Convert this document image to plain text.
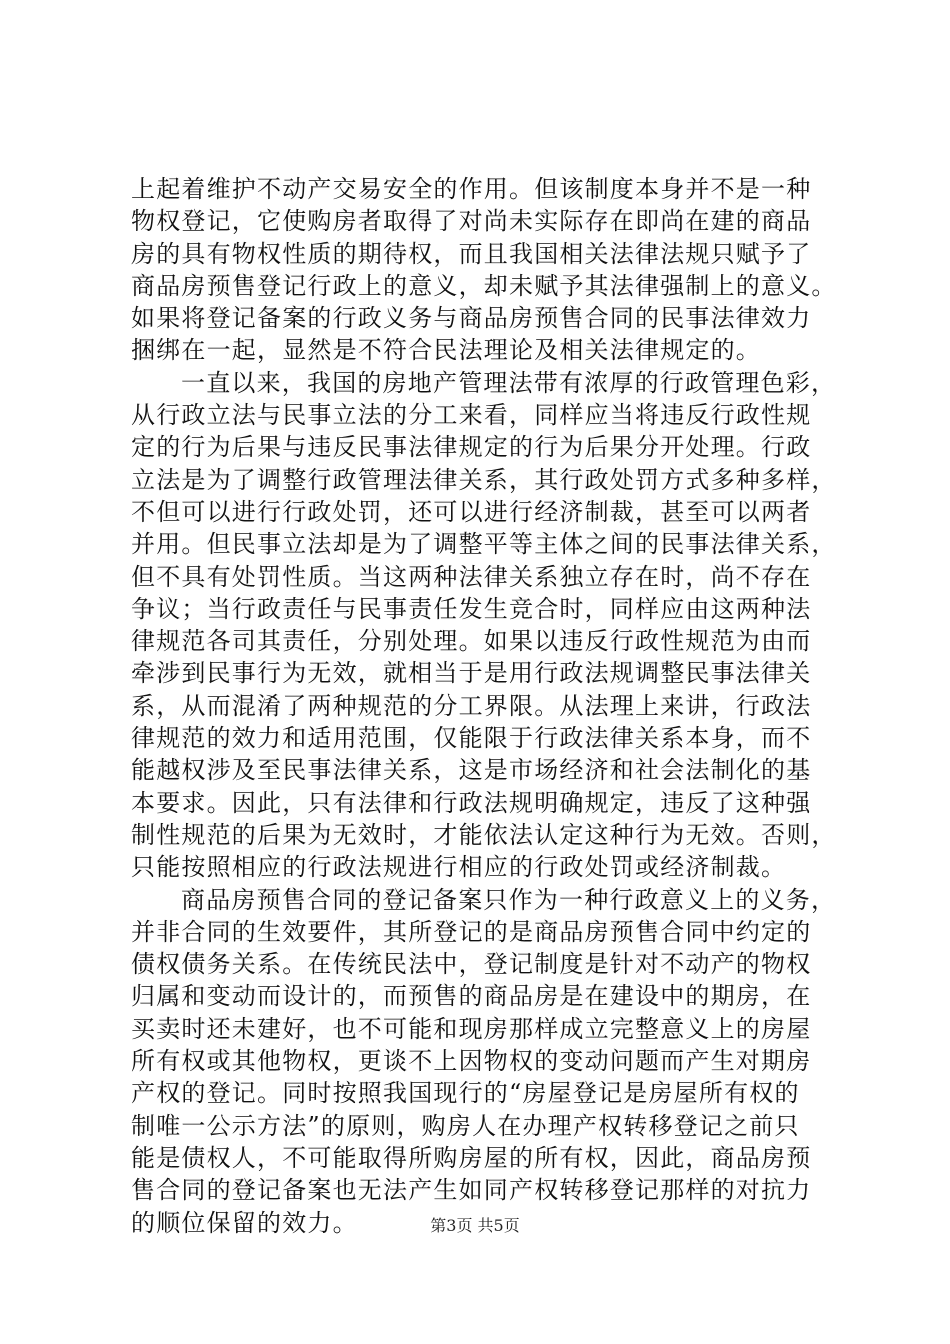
上起着维护不动产交易安全的作用。但该制度本身并不是一种
物权登记，它使购房者取得了对尚未实际存在即尚在建的商品
房的具有物权性质的期待权，而且我国相关法律法规只赋予了
商品房预售登记行政上的意义，却未赋予其法律强制上的意义。
如果将登记备案的行政义务与商品房预售合同的民事法律效力
捆绑在一起，显然是不符合民法理论及相关法律规定的。
一直以来，我国的房地产管理法带有浓厚的行政管理色彩，
从行政立法与民事立法的分工来看，同样应当将违反行政性规
定的行为后果与违反民事法律规定的行为后果分开处理。行政
立法是为了调整行政管理法律关系，其行政处罚方式多种多样，
不但可以进行行政处罚，还可以进行经济制裁，甚至可以两者
并用。但民事立法却是为了调整平等主体之间的民事法律关系，
但不具有处罚性质。当这两种法律关系独立存在时，尚不存在
争议；当行政责任与民事责任发生竞合时，同样应由这两种法
律规范各司其责任，分别处理。如果以违反行政性规范为由而
牵涉到民事行为无效，就相当于是用行政法规调整民事法律关
系，从而混淆了两种规范的分工界限。从法理上来讲，行政法
律规范的效力和适用范围，仅能限于行政法律关系本身，而不
能越权涉及至民事法律关系，这是市场经济和社会法制化的基
本要求。因此，只有法律和行政法规明确规定，违反了这种强
制性规范的后果为无效时，才能依法认定这种行为无效。否则，
只能按照相应的行政法规进行相应的行政处罚或经济制裁。
商品房预售合同的登记备案只作为一种行政意义上的义务，
并非合同的生效要件，其所登记的是商品房预售合同中约定的
债权债务关系。在传统民法中，登记制度是针对不动产的物权
归属和变动而设计的，而预售的商品房是在建设中的期房，在
买卖时还未建好，也不可能和现房那样成立完整意义上的房屋
所有权或其他物权，更谈不上因物权的变动问题而产生对期房
产权的登记。同时按照我国现行的“房屋登记是房屋所有权的
制唯一公示方法”的原则，购房人在办理产权转移登记之前只
能是债权人，不可能取得所购房屋的所有权，因此，商品房预
售合同的登记备案也无法产生如同产权转移登记那样的对抗力
的顺位保留的效力。	第3页 共5页
